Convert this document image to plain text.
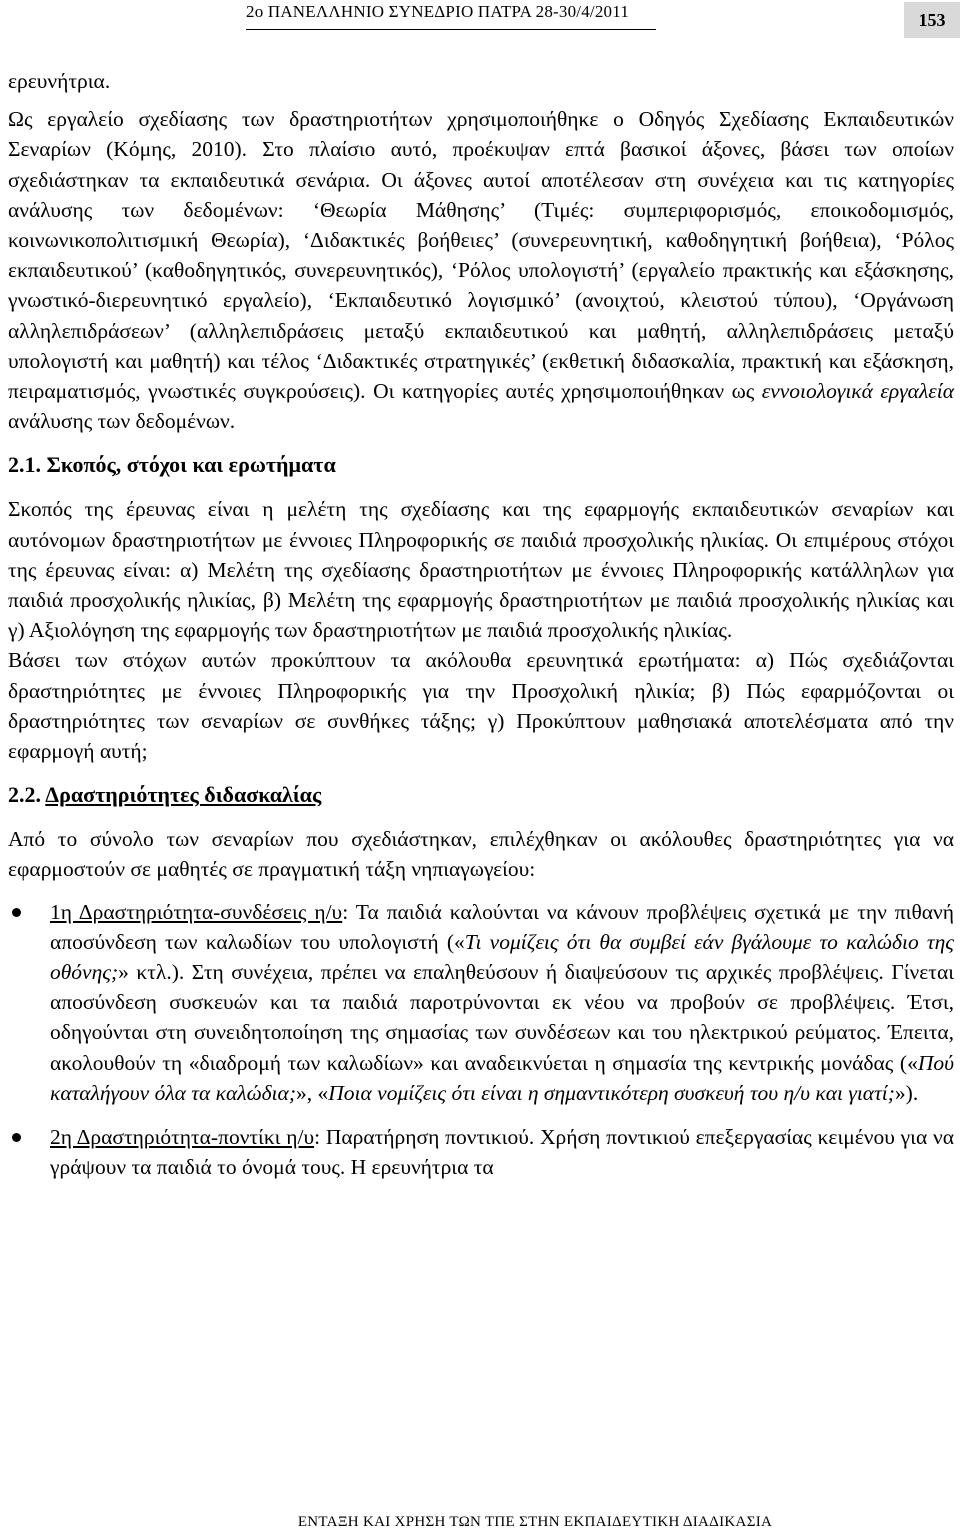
2ο ΠΑΝΕΛΛΗΝΙΟ ΣΥΝΕΔΡΙΟ ΠΑΤΡΑ 28-30/4/2011	153

ερευνήτρια.

Ως εργαλείο σχεδίασης των δραστηριοτήτων χρησιμοποιήθηκε ο Οδηγός Σχεδίασης Εκπαιδευτικών Σεναρίων (Κόμης, 2010). Στο πλαίσιο αυτό, προέκυψαν επτά βασικοί άξονες, βάσει των οποίων σχεδιάστηκαν τα εκπαιδευτικά σενάρια. Οι άξονες αυτοί αποτέλεσαν στη συνέχεια και τις κατηγορίες ανάλυσης των δεδομένων: ‘Θεωρία Μάθησης’ (Τιμές: συμπεριφορισμός, εποικοδομισμός, κοινωνικοπολιτισμική Θεωρία), ‘Διδακτικές βοήθειες’ (συνερευνητική, καθοδηγητική βοήθεια), ‘Ρόλος εκπαιδευτικού’ (καθοδηγητικός, συνερευνητικός), ‘Ρόλος υπολογιστή’ (εργαλείο πρακτικής και εξάσκησης, γνωστικό-διερευνητικό εργαλείο), ‘Εκπαιδευτικό λογισμικό’ (ανοιχτού, κλειστού τύπου), ‘Οργάνωση αλληλεπιδράσεων’ (αλληλεπιδράσεις μεταξύ εκπαιδευτικού και μαθητή, αλληλεπιδράσεις μεταξύ υπολογιστή και μαθητή) και τέλος ‘Διδακτικές στρατηγικές’ (εκθετική διδασκαλία, πρακτική και εξάσκηση, πειραματισμός, γνωστικές συγκρούσεις). Οι κατηγορίες αυτές χρησιμοποιήθηκαν ως εννοιολογικά εργαλεία ανάλυσης των δεδομένων.

2.1. Σκοπός, στόχοι και ερωτήματα

Σκοπός της έρευνας είναι η μελέτη της σχεδίασης και της εφαρμογής εκπαιδευτικών σεναρίων και αυτόνομων δραστηριοτήτων με έννοιες Πληροφορικής σε παιδιά προσχολικής ηλικίας. Οι επιμέρους στόχοι της έρευνας είναι: α) Μελέτη της σχεδίασης δραστηριοτήτων με έννοιες Πληροφορικής κατάλληλων για παιδιά προσχολικής ηλικίας, β) Μελέτη της εφαρμογής δραστηριοτήτων με παιδιά προσχολικής ηλικίας και γ) Αξιολόγηση της εφαρμογής των δραστηριοτήτων με παιδιά προσχολικής ηλικίας.

Βάσει των στόχων αυτών προκύπτουν τα ακόλουθα ερευνητικά ερωτήματα: α) Πώς σχεδιάζονται δραστηριότητες με έννοιες Πληροφορικής για την Προσχολική ηλικία; β) Πώς εφαρμόζονται οι δραστηριότητες των σεναρίων σε συνθήκες τάξης; γ) Προκύπτουν μαθησιακά αποτελέσματα από την εφαρμογή αυτή;

2.2. Δραστηριότητες διδασκαλίας

Από το σύνολο των σεναρίων που σχεδιάστηκαν, επιλέχθηκαν οι ακόλουθες δραστηριότητες για να εφαρμοστούν σε μαθητές σε πραγματική τάξη νηπιαγωγείου:

1η Δραστηριότητα-συνδέσεις η/υ: Τα παιδιά καλούνται να κάνουν προβλέψεις σχετικά με την πιθανή αποσύνδεση των καλωδίων του υπολογιστή («Τι νομίζεις ότι θα συμβεί εάν βγάλουμε το καλώδιο της οθόνης;» κτλ.). Στη συνέχεια, πρέπει να επαληθεύσουν ή διαψεύσουν τις αρχικές προβλέψεις. Γίνεται αποσύνδεση συσκευών και τα παιδιά παροτρύνονται εκ νέου να προβούν σε προβλέψεις. Έτσι, οδηγούνται στη συνειδητοποίηση της σημασίας των συνδέσεων και του ηλεκτρικού ρεύματος. Έπειτα, ακολουθούν τη «διαδρομή των καλωδίων» και αναδεικνύεται η σημασία της κεντρικής μονάδας («Πού καταλήγουν όλα τα καλώδια;», «Ποια νομίζεις ότι είναι η σημαντικότερη συσκευή του η/υ και γιατί;»).

2η Δραστηριότητα-ποντίκι η/υ: Παρατήρηση ποντικιού. Χρήση ποντικιού επεξεργασίας κειμένου για να γράψουν τα παιδιά το όνομά τους. Η ερευνήτρια τα

ΕΝΤΑΞΗ ΚΑΙ ΧΡΗΣΗ ΤΩΝ ΤΠΕ ΣΤΗΝ ΕΚΠΑΙΔΕΥΤΙΚΗ ΔΙΑΔΙΚΑΣΙΑ
